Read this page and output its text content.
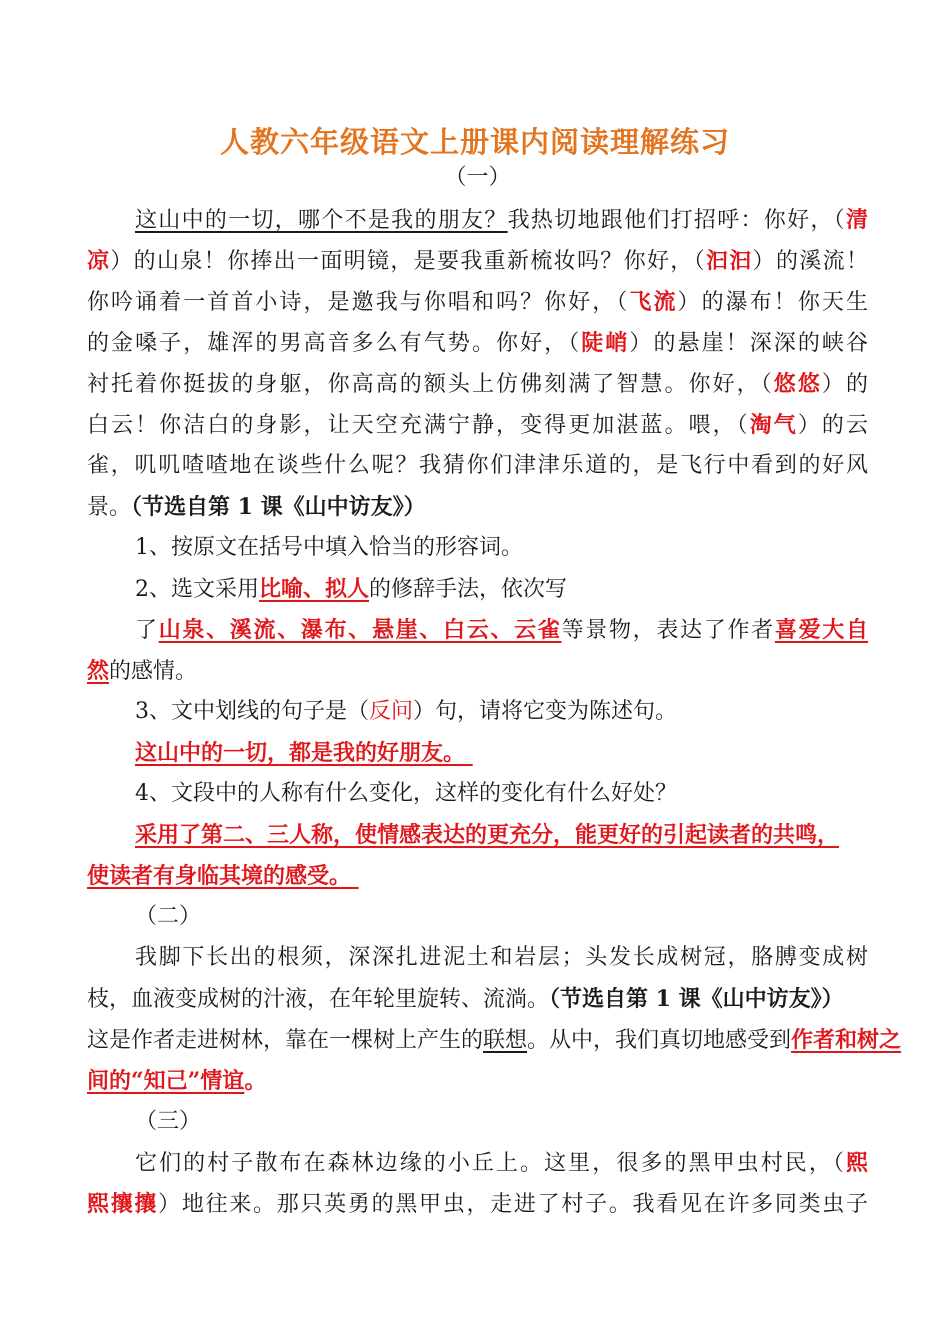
人教六年级语文上册课内阅读理解练习
（一）
这山中的一切，哪个不是我的朋友？我热切地跟他们打招呼：你好，（清
凉）的山泉！你捧出一面明镜，是要我重新梳妆吗？你好，（汩汩）的溪流！
你吟诵着一首首小诗，是邀我与你唱和吗？你好，（飞流）的瀑布！你天生
的金嗓子，雄浑的男高音多么有气势。你好，（陡峭）的悬崖！深深的峡谷
衬托着你挺拔的身躯，你高高的额头上仿佛刻满了智慧。你好，（悠悠）的
白云！你洁白的身影，让天空充满宁静，变得更加湛蓝。喂，（淘气）的云
雀，叽叽喳喳地在谈些什么呢？我猜你们津津乐道的，是飞行中看到的好风
景。（节选自第 1 课《山中访友》）
1、按原文在括号中填入恰当的形容词。
2、选文采用比喻、拟人的修辞手法，依次写
了山泉、溪流、瀑布、悬崖、白云、云雀等景物，表达了作者喜爱大自
然的感情。
3、文中划线的句子是（反问）句，请将它变为陈述句。
这山中的一切，都是我的好朋友。
4、文段中的人称有什么变化，这样的变化有什么好处？
采用了第二、三人称，使情感表达的更充分，能更好的引起读者的共鸣，
使读者有身临其境的感受。
（二）
我脚下长出的根须，深深扎进泥土和岩层；头发长成树冠，胳膊变成树
枝，血液变成树的汁液，在年轮里旋转、流淌。（节选自第 1 课《山中访友》）
这是作者走进树林，靠在一棵树上产生的联想。从中，我们真切地感受到作者和树之
间的“知己”情谊。
（三）
它们的村子散布在森林边缘的小丘上。这里，很多的黑甲虫村民，（熙
熙攘攘）地往来。那只英勇的黑甲虫，走进了村子。我看见在许多同类虫子
